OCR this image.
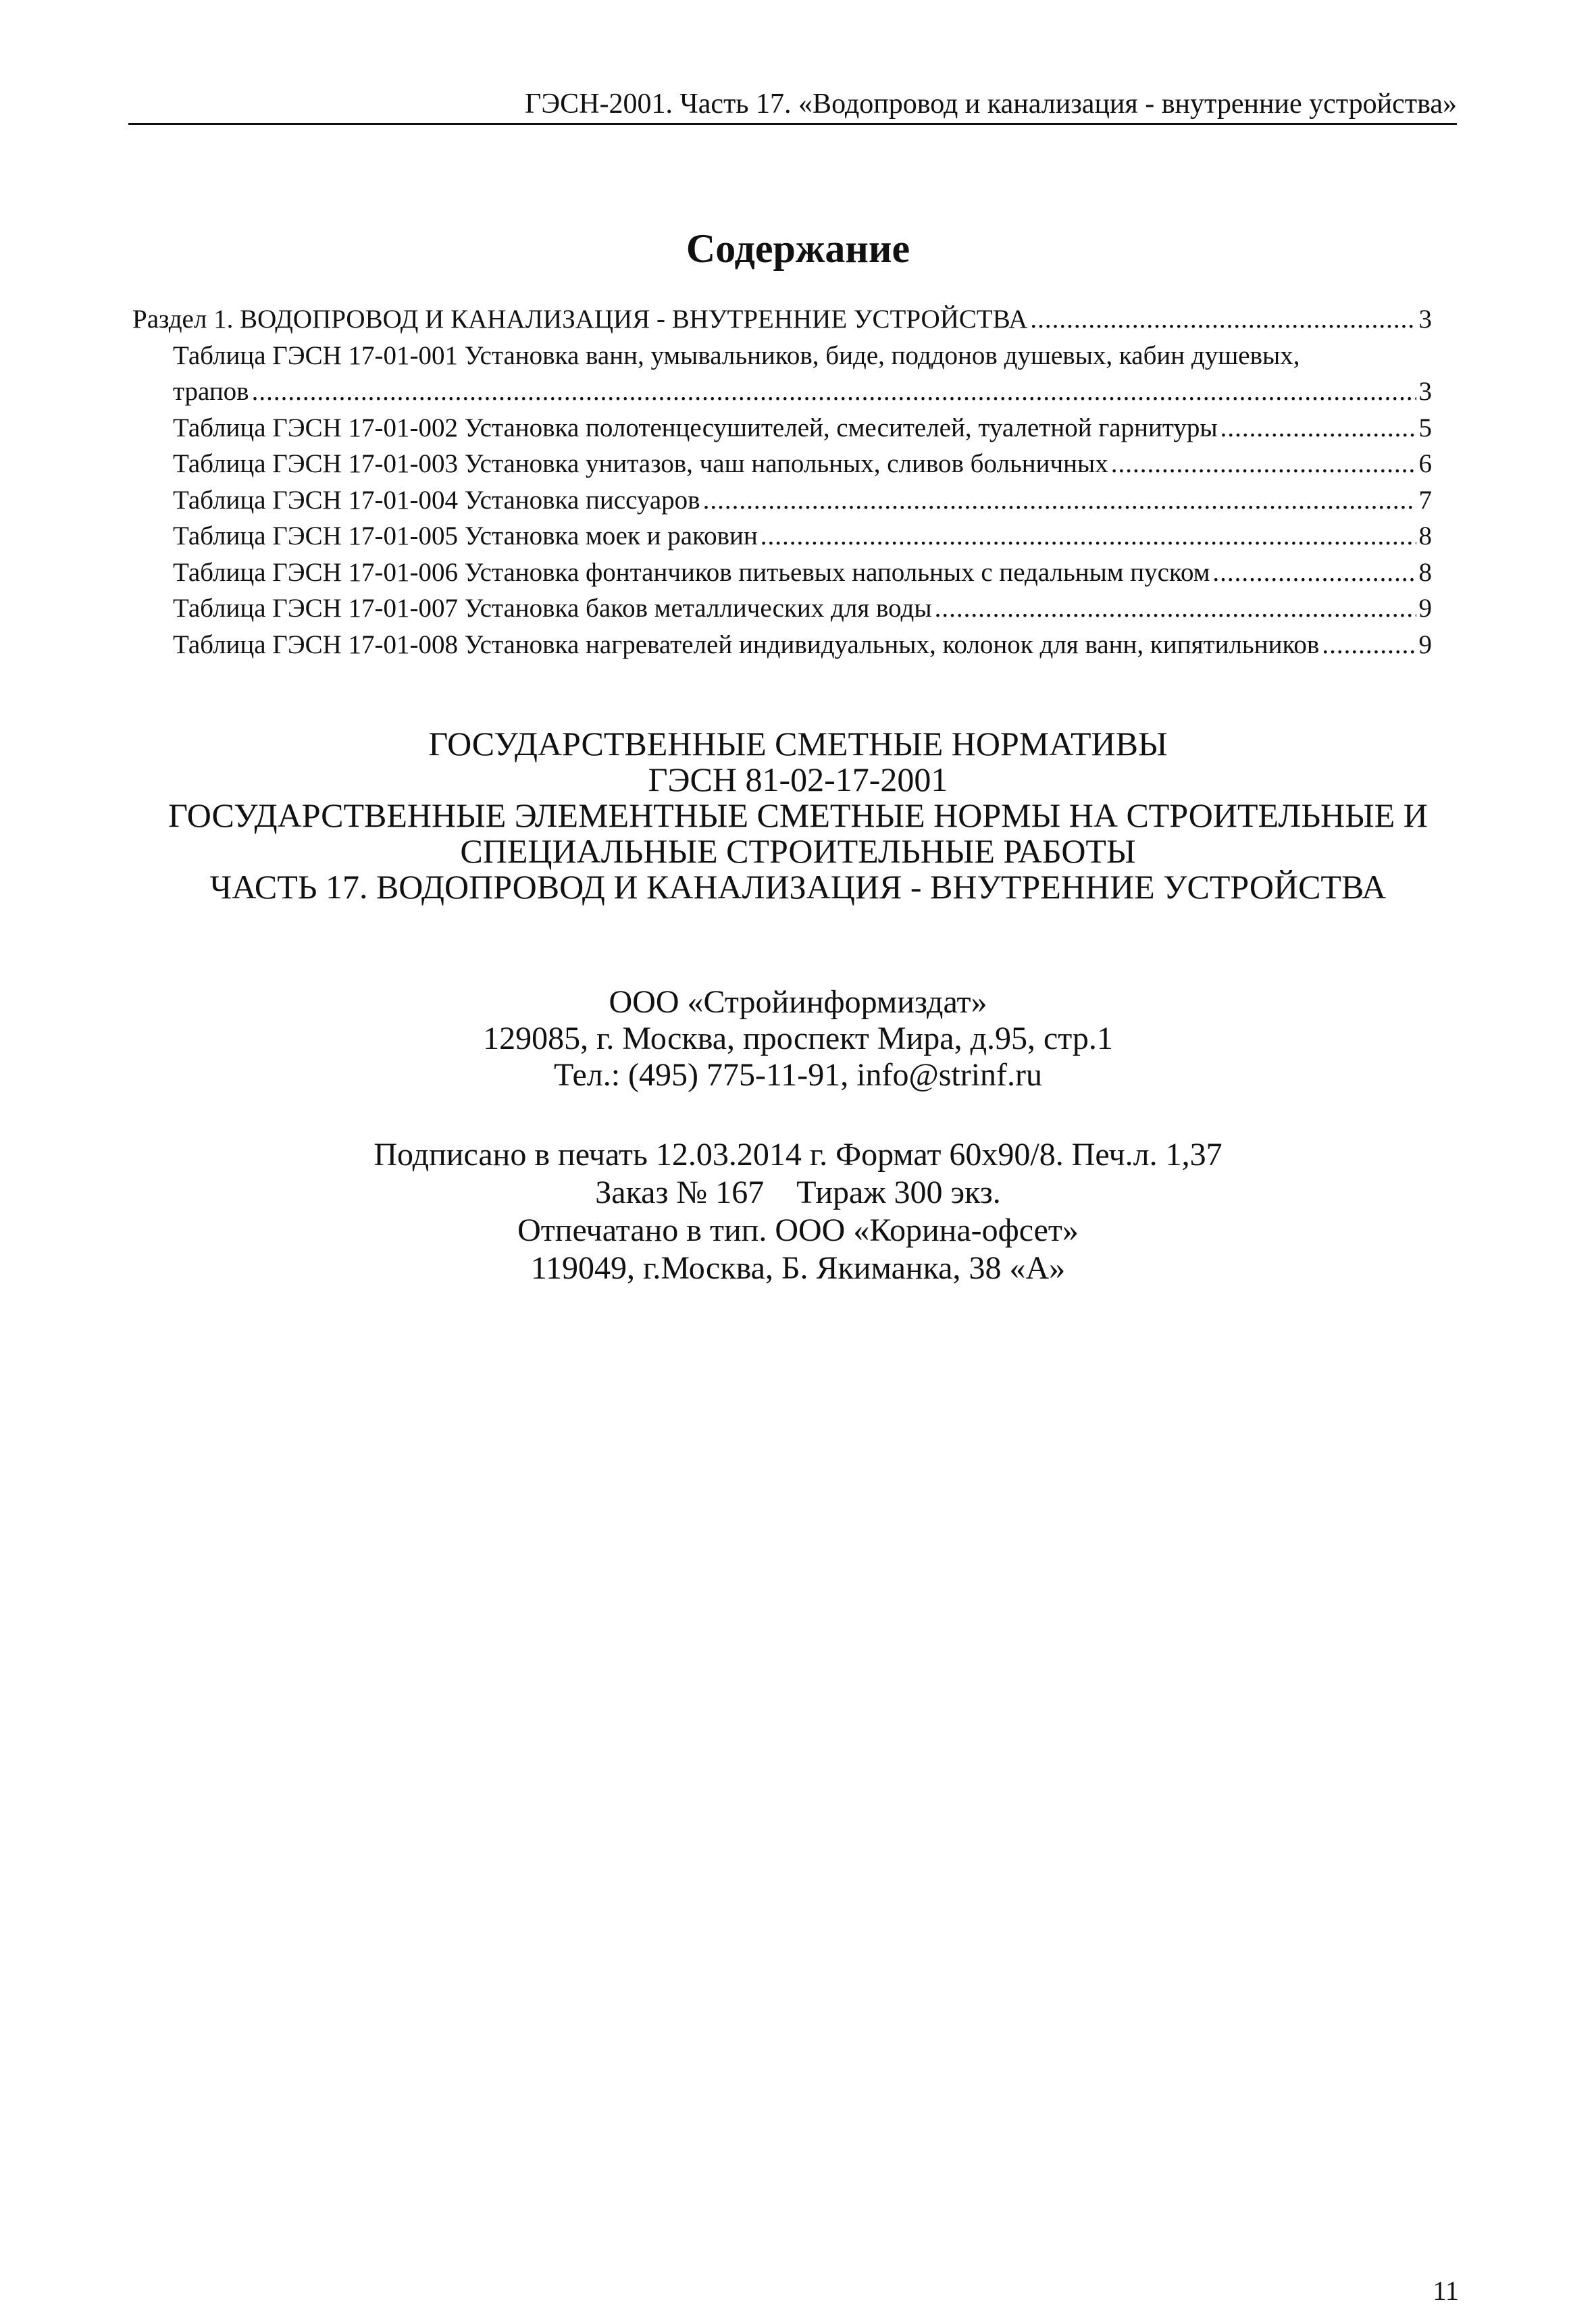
ГЭСН-2001. Часть 17. «Водопровод и канализация - внутренние устройства»
Содержание
Раздел 1. ВОДОПРОВОД И КАНАЛИЗАЦИЯ - ВНУТРЕННИЕ УСТРОЙСТВА .....	3
Таблица ГЭСН 17-01-001 Установка ванн, умывальников, биде, поддонов душевых, кабин душевых,
трапов .....	3
Таблица ГЭСН 17-01-002 Установка полотенцесушителей, смесителей, туалетной гарнитуры .....	5
Таблица ГЭСН 17-01-003 Установка унитазов, чаш напольных, сливов больничных .....	6
Таблица ГЭСН 17-01-004 Установка писсуаров .....	7
Таблица ГЭСН 17-01-005 Установка моек и раковин .....	8
Таблица ГЭСН 17-01-006 Установка фонтанчиков питьевых напольных с педальным пуском .....	8
Таблица ГЭСН 17-01-007 Установка баков металлических для воды .....	9
Таблица ГЭСН 17-01-008 Установка нагревателей индивидуальных, колонок для ванн, кипятильников .....	9
ГОСУДАРСТВЕННЫЕ СМЕТНЫЕ НОРМАТИВЫ
ГЭСН 81-02-17-2001
ГОСУДАРСТВЕННЫЕ ЭЛЕМЕНТНЫЕ СМЕТНЫЕ НОРМЫ НА СТРОИТЕЛЬНЫЕ И
СПЕЦИАЛЬНЫЕ СТРОИТЕЛЬНЫЕ РАБОТЫ
ЧАСТЬ 17. ВОДОПРОВОД И КАНАЛИЗАЦИЯ - ВНУТРЕННИЕ УСТРОЙСТВА
ООО «Стройинформиздат»
129085, г. Москва, проспект Мира, д.95, стр.1
Тел.: (495) 775-11-91, info@strinf.ru
Подписано в печать 12.03.2014 г. Формат 60x90/8. Печ.л. 1,37
Заказ № 167    Тираж 300 экз.
Отпечатано в тип. ООО «Корина-офсет»
119049, г.Москва, Б. Якиманка, 38 «А»
11
